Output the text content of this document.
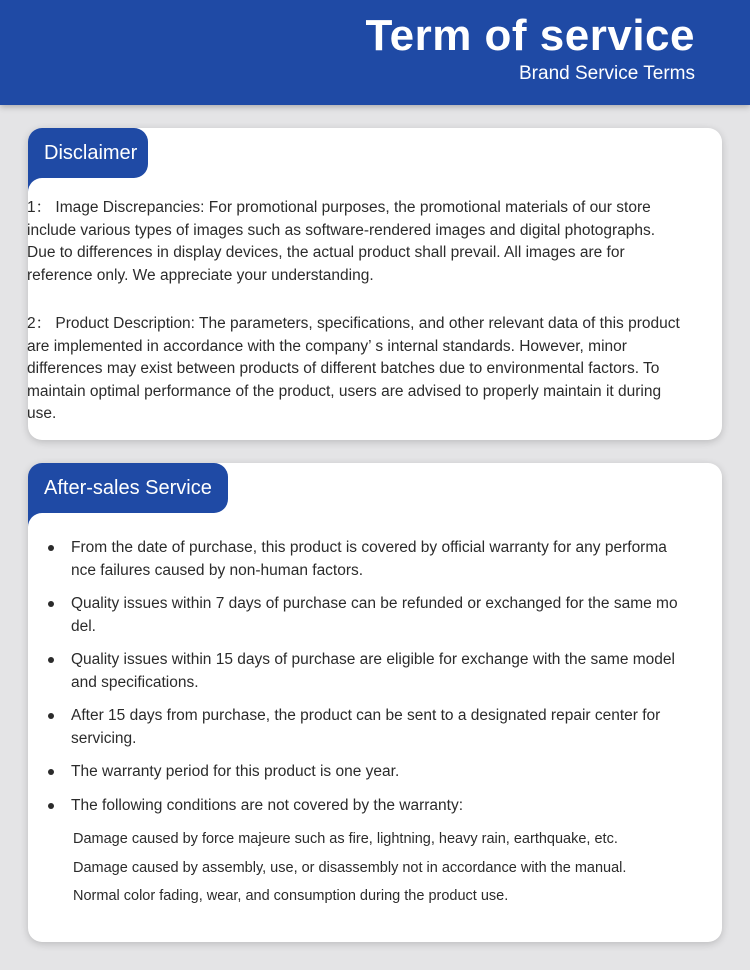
Term of service
Brand Service Terms
Disclaimer
1： Image Discrepancies: For promotional purposes, the promotional materials of our store include various types of images such as software-rendered images and digital photographs. Due to differences in display devices, the actual product shall prevail. All images are for reference only. We appreciate your understanding.
2： Product Description: The parameters, specifications, and other relevant data of this product are implemented in accordance with the company’ s internal standards. However, minor differences may exist between products of different batches due to environmental factors. To maintain optimal performance of the product, users are advised to properly maintain it during use.
After-sales Service
From the date of purchase, this product is covered by official warranty for any performa nce failures caused by non-human factors.
Quality issues within 7 days of purchase can be refunded or exchanged for the same mo del.
Quality issues within 15 days of purchase are eligible for exchange with the same model and specifications.
After 15 days from purchase, the product can be sent to a designated repair center for servicing.
The warranty period for this product is one year.
The following conditions are not covered by the warranty:
Damage caused by force majeure such as fire, lightning, heavy rain, earthquake, etc.
Damage caused by assembly, use, or disassembly not in accordance with the manual.
Normal color fading, wear, and consumption during the product use.
